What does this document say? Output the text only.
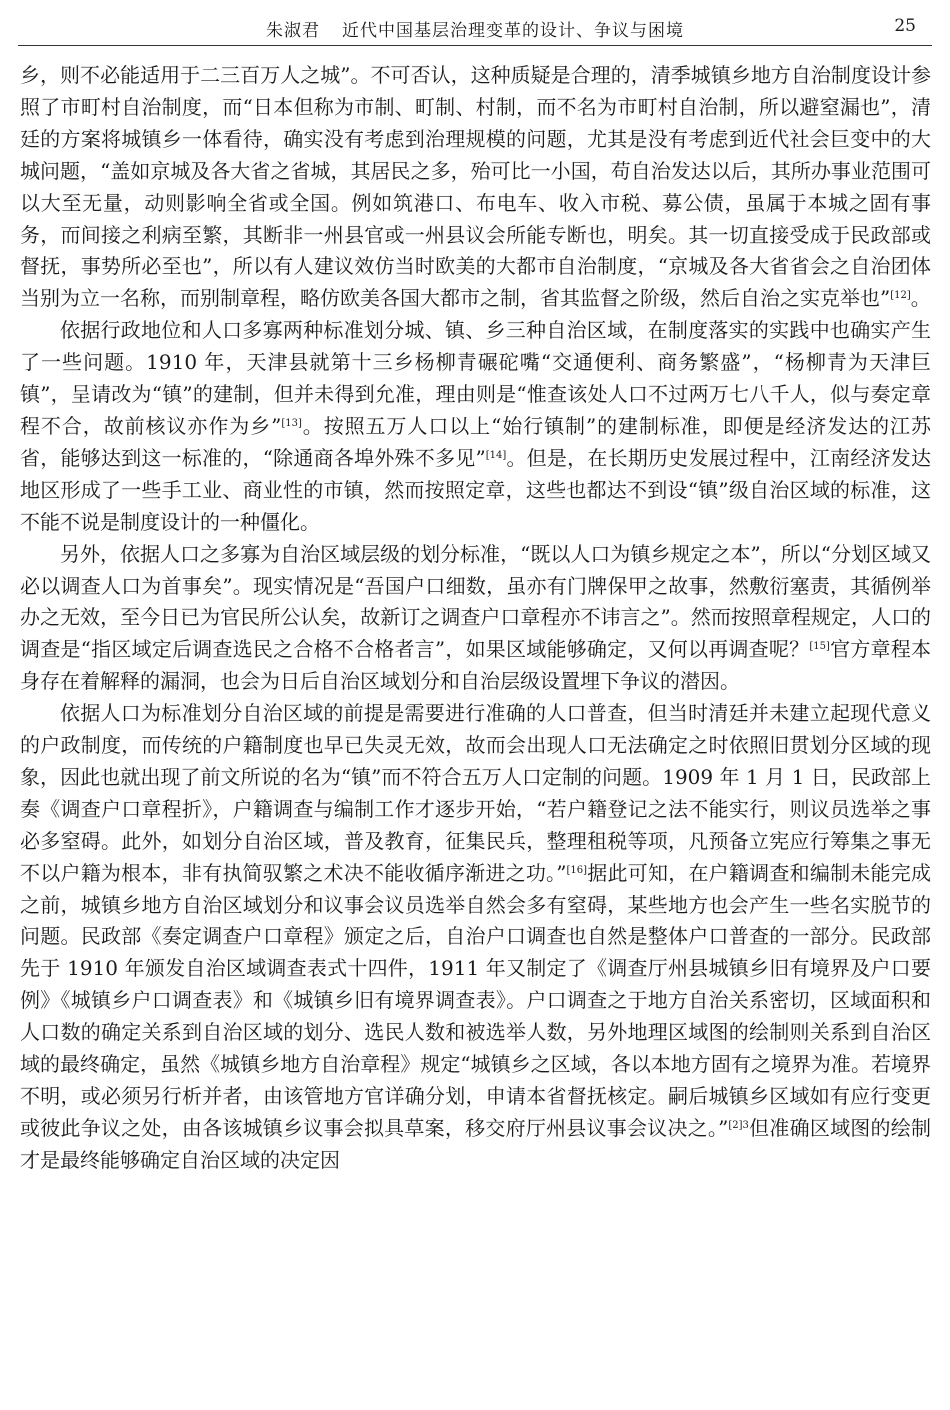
朱淑君 近代中国基层治理变革的设计、争议与困境	25

乡，则不必能适用于二三百万人之城”。不可否认，这种质疑是合理的，清季城镇乡地方自治制度设计参照了市町村自治制度，而“日本但称为市制、町制、村制，而不名为市町村自治制，所以避窒漏也”，清廷的方案将城镇乡一体看待，确实没有考虑到治理规模的问题，尤其是没有考虑到近代社会巨变中的大城问题，“盖如京城及各大省之省城，其居民之多，殆可比一小国，苟自治发达以后，其所办事业范围可以大至无量，动则影响全省或全国。例如筑港口、布电车、收入市税、募公债，虽属于本城之固有事务，而间接之利病至繁，其断非一州县官或一州县议会所能专断也，明矣。其一切直接受成于民政部或督抚，事势所必至也”，所以有人建议效仿当时欧美的大都市自治制度，“京城及各大省省会之自治团体当别为立一名称，而别制章程，略仿欧美各国大都市之制，省其监督之阶级，然后自治之实克举也”[12]。

依据行政地位和人口多寡两种标准划分城、镇、乡三种自治区域，在制度落实的实践中也确实产生了一些问题。1910 年，天津县就第十三乡杨柳青碾砣嘴“交通便利、商务繁盛”，“杨柳青为天津巨镇”，呈请改为“镇”的建制，但并未得到允准，理由则是“惟查该处人口不过两万七八千人，似与奏定章程不合，故前核议亦作为乡”[13]。按照五万人口以上“始行镇制”的建制标准，即便是经济发达的江苏省，能够达到这一标准的，“除通商各埠外殊不多见”[14]。但是，在长期历史发展过程中，江南经济发达地区形成了一些手工业、商业性的市镇，然而按照定章，这些也都达不到设“镇”级自治区域的标准，这不能不说是制度设计的一种僵化。

另外，依据人口之多寡为自治区域层级的划分标准，“既以人口为镇乡规定之本”，所以“分划区域又必以调查人口为首事矣”。现实情况是“吾国户口细数，虽亦有门牌保甲之故事，然敷衍塞责，其循例举办之无效，至今日已为官民所公认矣，故新订之调查户口章程亦不讳言之”。然而按照章程规定，人口的调查是“指区域定后调查选民之合格不合格者言”，如果区域能够确定，又何以再调查呢？[15]官方章程本身存在着解释的漏洞，也会为日后自治区域划分和自治层级设置埋下争议的潜因。

依据人口为标准划分自治区域的前提是需要进行准确的人口普查，但当时清廷并未建立起现代意义的户政制度，而传统的户籍制度也早已失灵无效，故而会出现人口无法确定之时依照旧贯划分区域的现象，因此也就出现了前文所说的名为“镇”而不符合五万人口定制的问题。1909 年 1 月 1 日，民政部上奏《调查户口章程折》，户籍调查与编制工作才逐步开始，“若户籍登记之法不能实行，则议员选举之事必多窒碍。此外，如划分自治区域，普及教育，征集民兵，整理租税等项，凡预备立宪应行筹集之事无不以户籍为根本，非有执简驭繁之术决不能收循序渐进之功。”[16]据此可知，在户籍调查和编制未能完成之前，城镇乡地方自治区域划分和议事会议员选举自然会多有窒碍，某些地方也会产生一些名实脱节的问题。民政部《奏定调查户口章程》颁定之后，自治户口调查也自然是整体户口普查的一部分。民政部先于 1910 年颁发自治区域调查表式十四件，1911 年又制定了《调查厅州县城镇乡旧有境界及户口要例》《城镇乡户口调查表》和《城镇乡旧有境界调查表》。户口调查之于地方自治关系密切，区域面积和人口数的确定关系到自治区域的划分、选民人数和被选举人数，另外地理区域图的绘制则关系到自治区域的最终确定，虽然《城镇乡地方自治章程》规定“城镇乡之区域，各以本地方固有之境界为准。若境界不明，或必须另行析并者，由该管地方官详确分划，申请本省督抚核定。嗣后城镇乡区域如有应行变更或彼此争议之处，由各该城镇乡议事会拟具草案，移交府厅州县议事会议决之。”$^{[2]3}$但准确区域图的绘制才是最终能够确定自治区域的决定因
